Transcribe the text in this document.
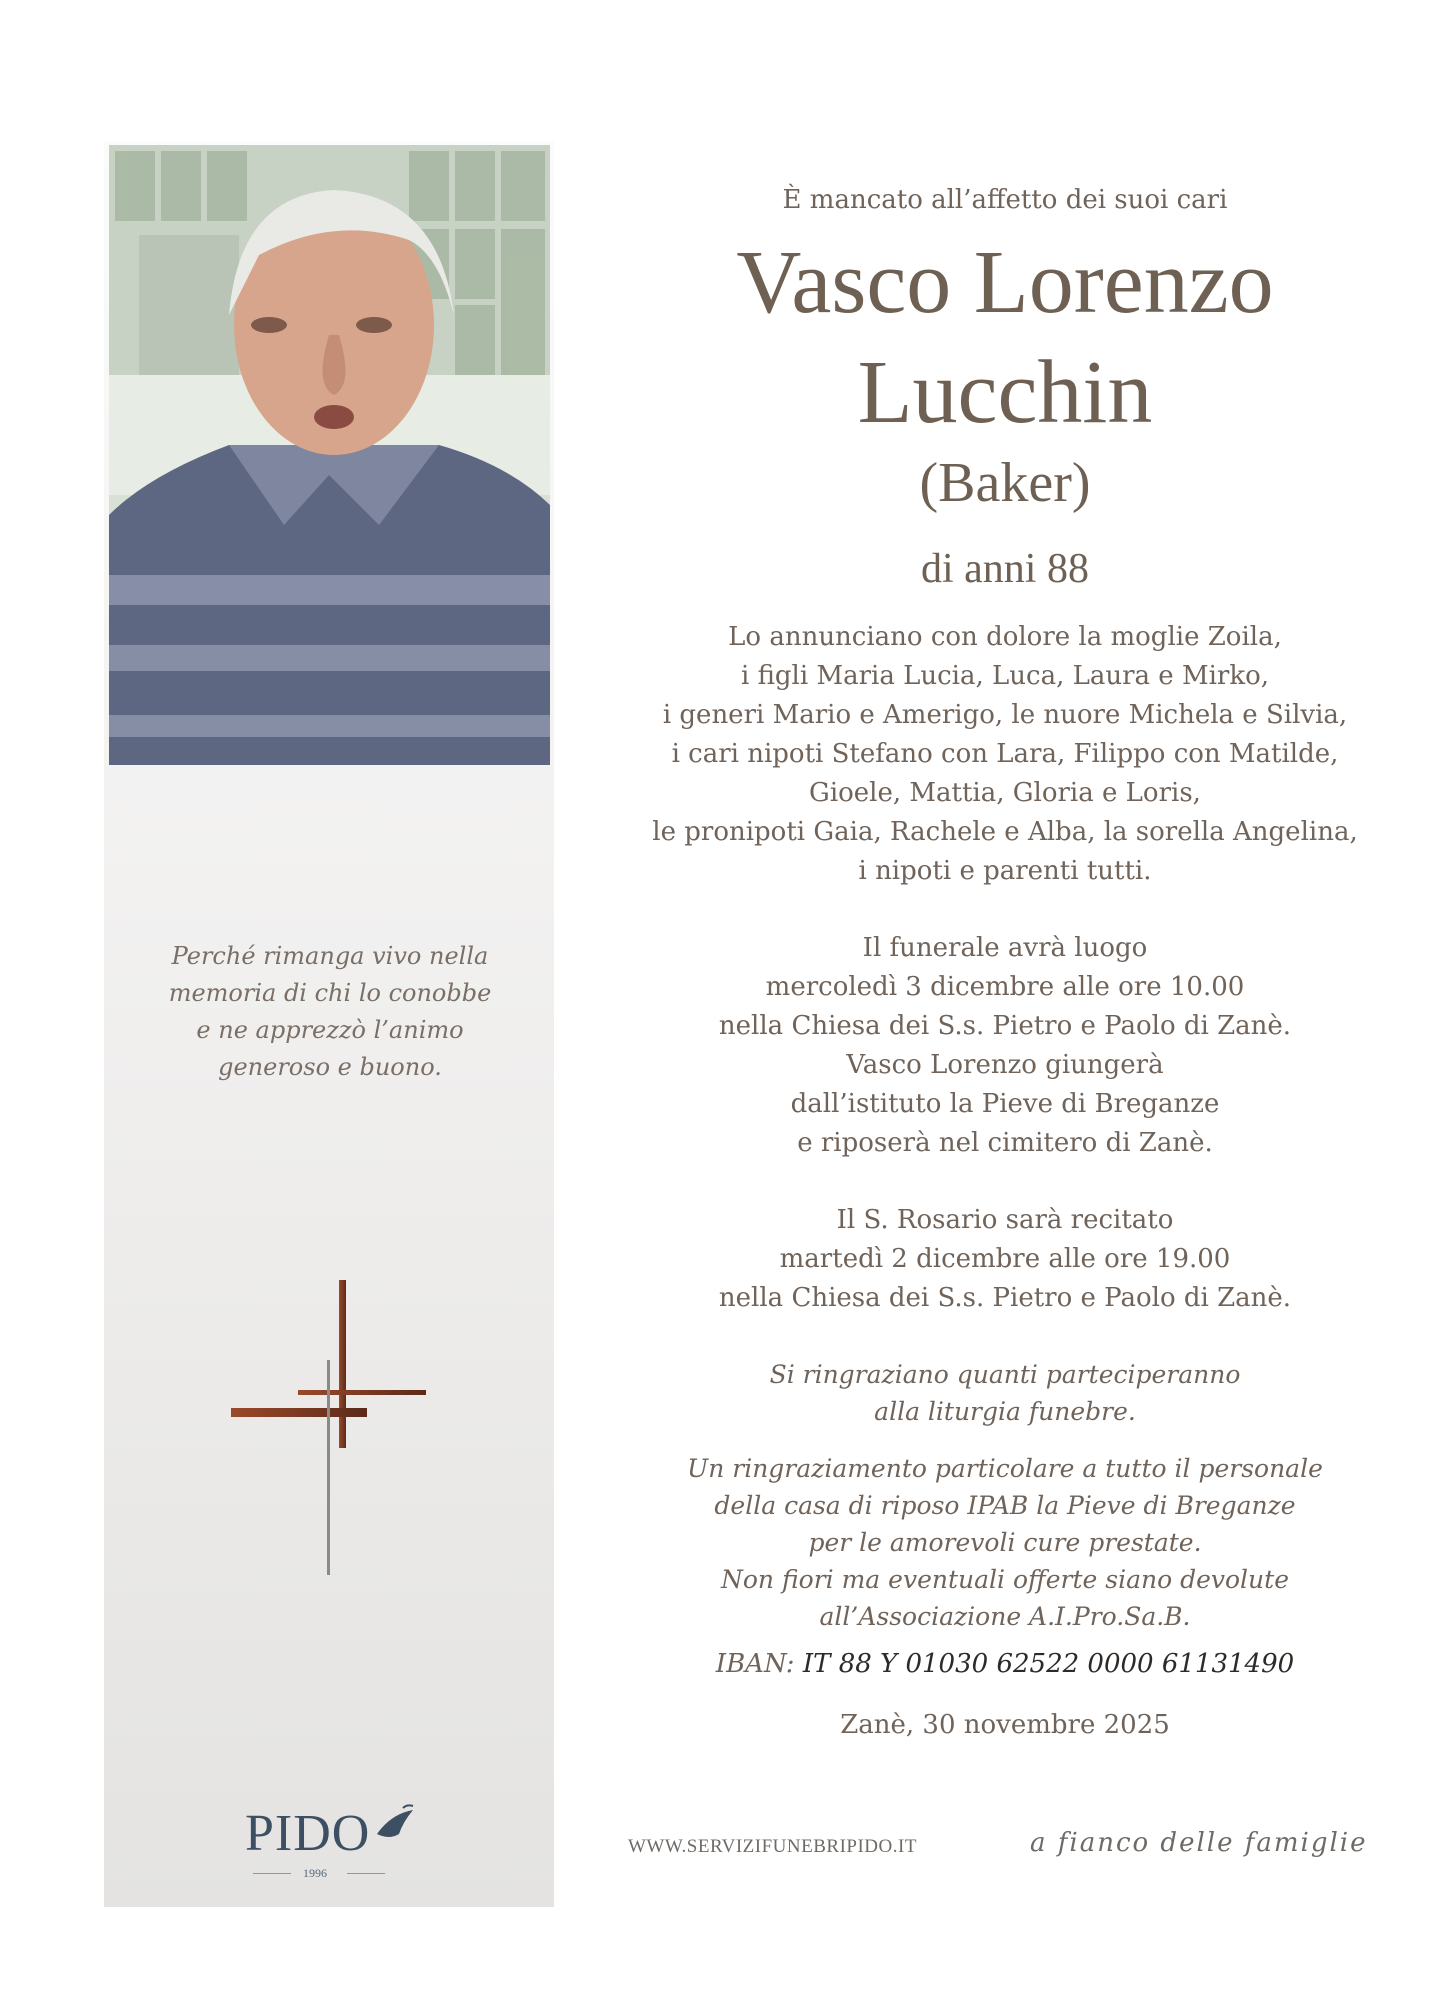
Perché rimanga vivo nella
memoria di chi lo conobbe
e ne apprezzò l’animo
generoso e buono.
PIDO
1996

È mancato all’affetto dei suoi cari

Vasco Lorenzo
Lucchin

(Baker)

di anni 88

Lo annunciano con dolore la moglie Zoila,
i figli Maria Lucia, Luca, Laura e Mirko,
i generi Mario e Amerigo, le nuore Michela e Silvia,
i cari nipoti Stefano con Lara, Filippo con Matilde,
Gioele, Mattia, Gloria e Loris,
le pronipoti Gaia, Rachele e Alba, la sorella Angelina,
i nipoti e parenti tutti.
Il funerale avrà luogo
mercoledì 3 dicembre alle ore 10.00
nella Chiesa dei S.s. Pietro e Paolo di Zanè.
Vasco Lorenzo giungerà
dall’istituto la Pieve di Breganze
e riposerà nel cimitero di Zanè.
Il S. Rosario sarà recitato
martedì 2 dicembre alle ore 19.00
nella Chiesa dei S.s. Pietro e Paolo di Zanè.
Si ringraziano quanti parteciperanno
alla liturgia funebre.
Un ringraziamento particolare a tutto il personale
della casa di riposo IPAB la Pieve di Breganze
per le amorevoli cure prestate.
Non fiori ma eventuali offerte siano devolute
all’Associazione A.I.Pro.Sa.B.
IBAN: IT 88 Y 01030 62522 0000 61131490
Zanè, 30 novembre 2025
WWW.SERVIZIFUNEBRIPIDO.IT	a fianco delle famiglie
